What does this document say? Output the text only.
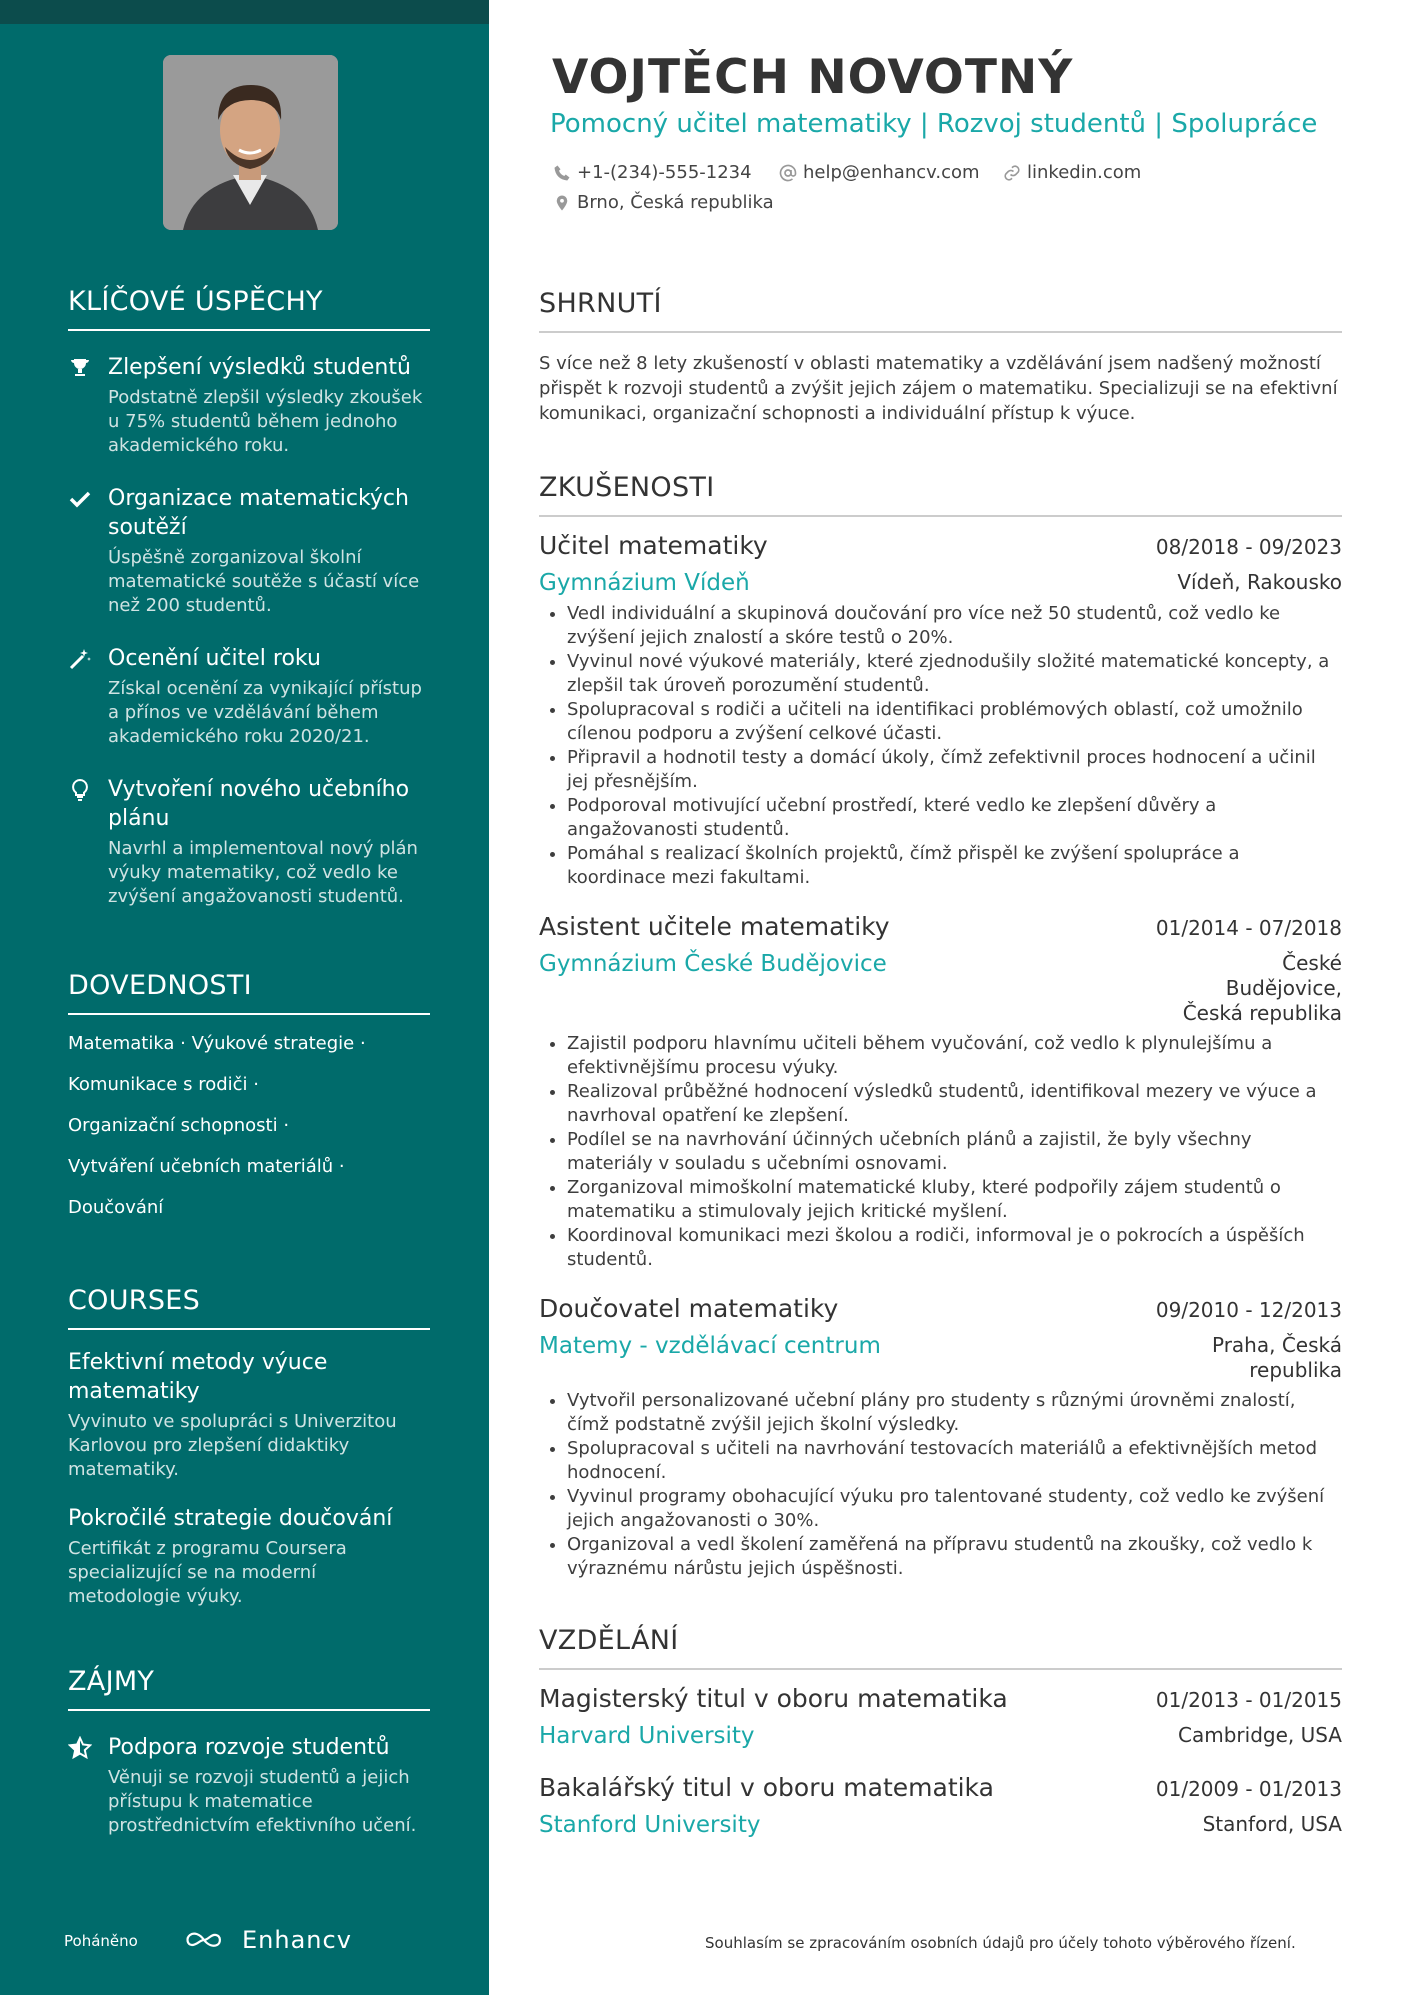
KLÍČOVÉ ÚSPĚCHY
Zlepšení výsledků studentů
Podstatně zlepšil výsledky zkoušek u 75% studentů během jednoho akademického roku.
Organizace matematických soutěží
Úspěšně zorganizoval školní matematické soutěže s účastí více než 200 studentů.
Ocenění učitel roku
Získal ocenění za vynikající přístup a přínos ve vzdělávání během akademického roku 2020/21.
Vytvoření nového učebního plánu
Navrhl a implementoval nový plán výuky matematiky, což vedlo ke zvýšení angažovanosti studentů.
DOVEDNOSTI
Matematika · Výukové strategie ·
Komunikace s rodiči ·
Organizační schopnosti ·
Vytváření učebních materiálů ·
Doučování
COURSES
Efektivní metody výuce matematiky
Vyvinuto ve spolupráci s Univerzitou Karlovou pro zlepšení didaktiky matematiky.
Pokročilé strategie doučování
Certifikát z programu Coursera specializující se na moderní metodologie výuky.
ZÁJMY
Podpora rozvoje studentů
Věnuji se rozvoji studentů a jejich přístupu k matematice prostřednictvím efektivního učení.
Poháněno	Enhancv
VOJTĚCH NOVOTNÝ
Pomocný učitel matematiky | Rozvoj studentů | Spolupráce
+1-(234)-555-1234	help@enhancv.com	linkedin.com
Brno, Česká republika
SHRNUTÍ
S více než 8 lety zkušeností v oblasti matematiky a vzdělávání jsem nadšený možností přispět k rozvoji studentů a zvýšit jejich zájem o matematiku. Specializuji se na efektivní komunikaci, organizační schopnosti a individuální přístup k výuce.
ZKUŠENOSTI
Učitel matematiky	08/2018 - 09/2023
Gymnázium Vídeň	Vídeň, Rakousko
• Vedl individuální a skupinová doučování pro více než 50 studentů, což vedlo ke zvýšení jejich znalostí a skóre testů o 20%.
• Vyvinul nové výukové materiály, které zjednodušily složité matematické koncepty, a zlepšil tak úroveň porozumění studentů.
• Spolupracoval s rodiči a učiteli na identifikaci problémových oblastí, což umožnilo cílenou podporu a zvýšení celkové účasti.
• Připravil a hodnotil testy a domácí úkoly, čímž zefektivnil proces hodnocení a učinil jej přesnějším.
• Podporoval motivující učební prostředí, které vedlo ke zlepšení důvěry a angažovanosti studentů.
• Pomáhal s realizací školních projektů, čímž přispěl ke zvýšení spolupráce a koordinace mezi fakultami.
Asistent učitele matematiky	01/2014 - 07/2018
Gymnázium České Budějovice	České Budějovice, Česká republika
• Zajistil podporu hlavnímu učiteli během vyučování, což vedlo k plynulejšímu a efektivnějšímu procesu výuky.
• Realizoval průběžné hodnocení výsledků studentů, identifikoval mezery ve výuce a navrhoval opatření ke zlepšení.
• Podílel se na navrhování účinných učebních plánů a zajistil, že byly všechny materiály v souladu s učebními osnovami.
• Zorganizoval mimoškolní matematické kluby, které podpořily zájem studentů o matematiku a stimulovaly jejich kritické myšlení.
• Koordinoval komunikaci mezi školou a rodiči, informoval je o pokrocích a úspěších studentů.
Doučovatel matematiky	09/2010 - 12/2013
Matemy - vzdělávací centrum	Praha, Česká republika
• Vytvořil personalizované učební plány pro studenty s různými úrovněmi znalostí, čímž podstatně zvýšil jejich školní výsledky.
• Spolupracoval s učiteli na navrhování testovacích materiálů a efektivnějších metod hodnocení.
• Vyvinul programy obohacující výuku pro talentované studenty, což vedlo ke zvýšení jejich angažovanosti o 30%.
• Organizoval a vedl školení zaměřená na přípravu studentů na zkoušky, což vedlo k výraznému nárůstu jejich úspěšnosti.
VZDĚLÁNÍ
Magisterský titul v oboru matematika	01/2013 - 01/2015
Harvard University	Cambridge, USA
Bakalářský titul v oboru matematika	01/2009 - 01/2013
Stanford University	Stanford, USA
Souhlasím se zpracováním osobních údajů pro účely tohoto výběrového řízení.
